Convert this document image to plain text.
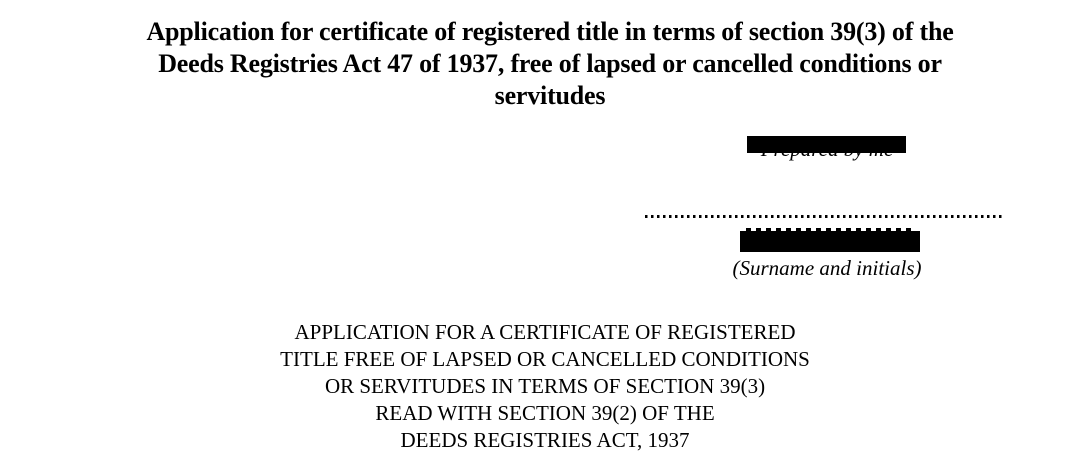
Application for certificate of registered title in terms of section 39(3) of the
Deeds Registries Act 47 of 1937, free of lapsed or cancelled conditions or
servitudes
(Surname and initials)
APPLICATION FOR A CERTIFICATE OF REGISTERED
TITLE FREE OF LAPSED OR CANCELLED CONDITIONS
OR SERVITUDES IN TERMS OF SECTION 39(3)
READ WITH SECTION 39(2) OF THE
DEEDS REGISTRIES ACT, 1937
